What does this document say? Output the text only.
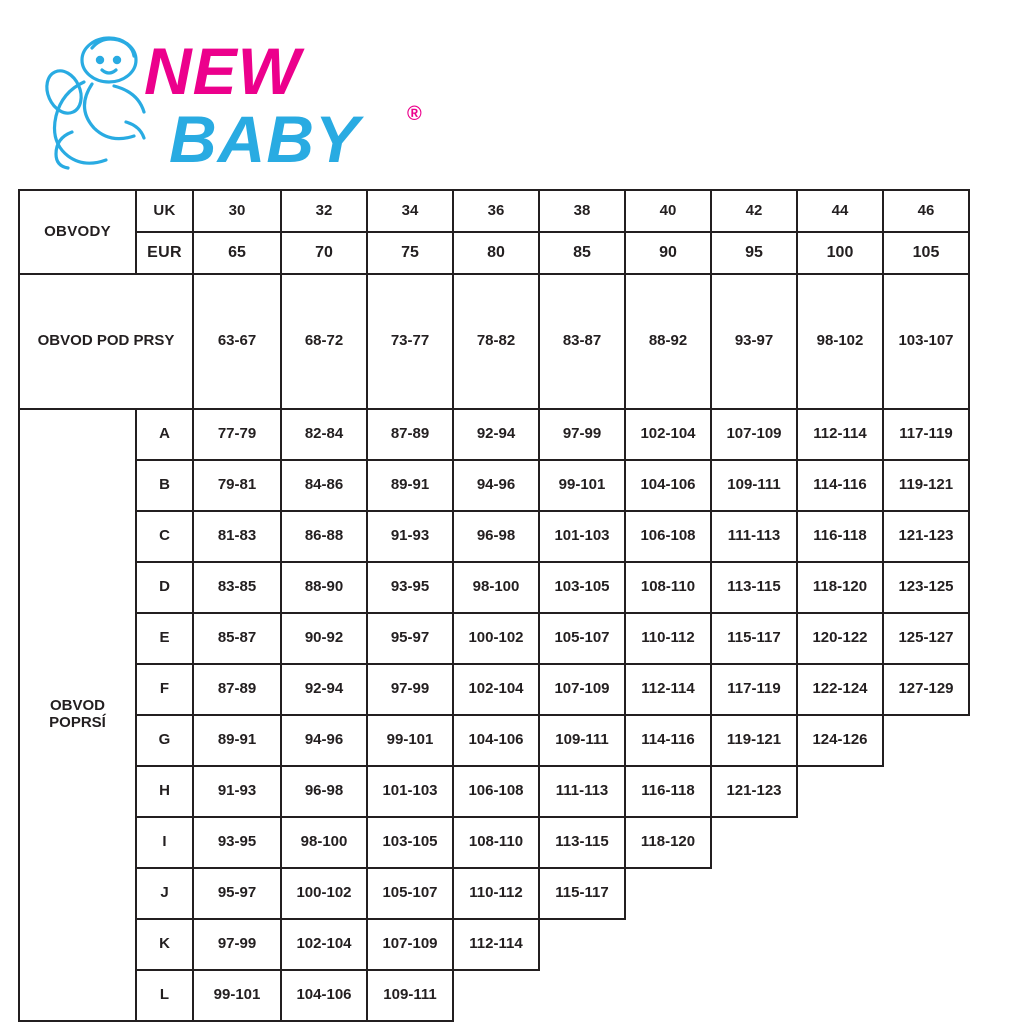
NEW
®
BABY
OBVODY	UK	30	32	34	36	38	40	42	44	46
	EUR	65	70	75	80	85	90	95	100	105
OBVOD POD PRSY		63-67	68-72	73-77	78-82	83-87	88-92	93-97	98-102	103-107
OBVOD POPRSÍ	A	77-79	82-84	87-89	92-94	97-99	102-104	107-109	112-114	117-119
	B	79-81	84-86	89-91	94-96	99-101	104-106	109-111	114-116	119-121
	C	81-83	86-88	91-93	96-98	101-103	106-108	111-113	116-118	121-123
	D	83-85	88-90	93-95	98-100	103-105	108-110	113-115	118-120	123-125
	E	85-87	90-92	95-97	100-102	105-107	110-112	115-117	120-122	125-127
	F	87-89	92-94	97-99	102-104	107-109	112-114	117-119	122-124	127-129
	G	89-91	94-96	99-101	104-106	109-111	114-116	119-121	124-126	
	H	91-93	96-98	101-103	106-108	111-113	116-118	121-123		
	I	93-95	98-100	103-105	108-110	113-115	118-120			
	J	95-97	100-102	105-107	110-112	115-117				
	K	97-99	102-104	107-109	112-114					
	L	99-101	104-106	109-111						
